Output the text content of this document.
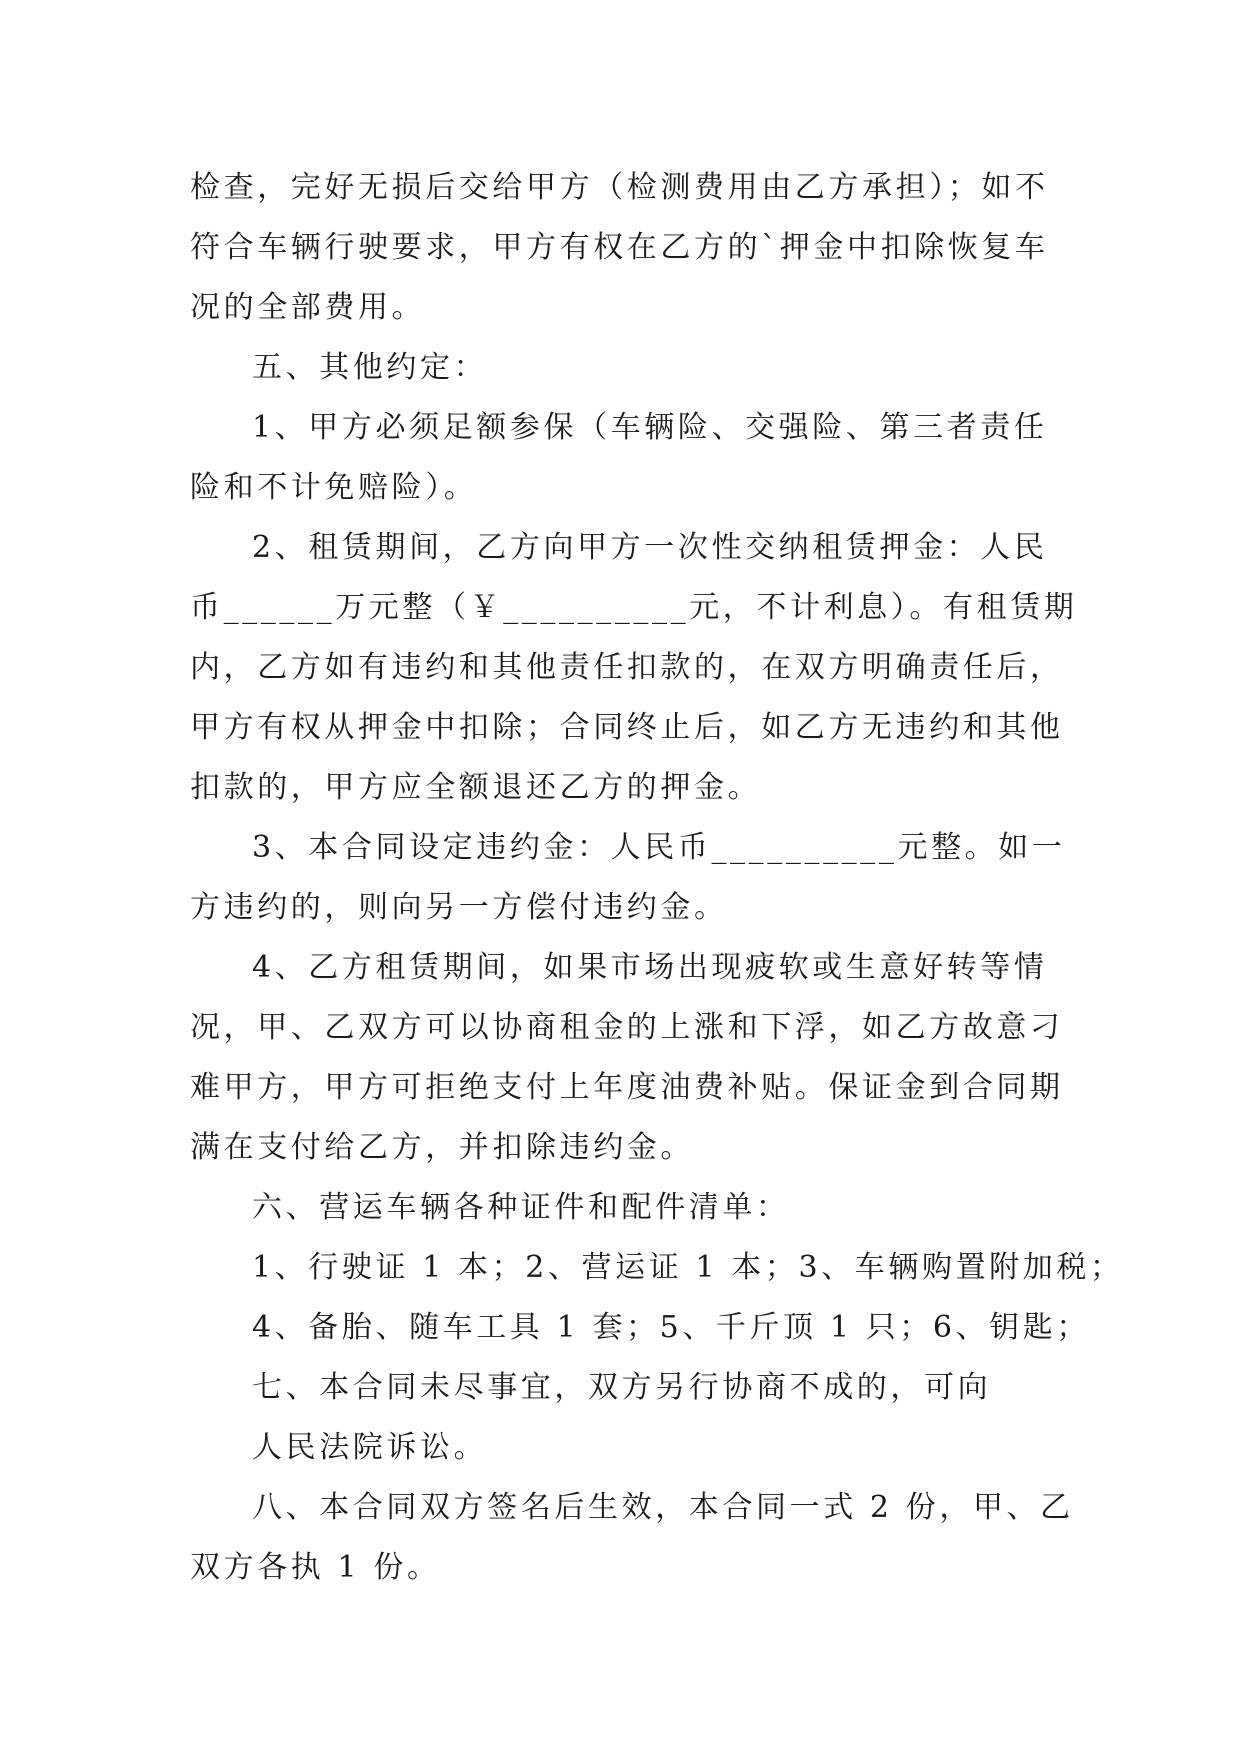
检查，完好无损后交给甲方（检测费用由乙方承担）；如不
符合车辆行驶要求，甲方有权在乙方的`押金中扣除恢复车
况的全部费用。
五、其他约定：
1、甲方必须足额参保（车辆险、交强险、第三者责任
险和不计免赔险）。
2、租赁期间，乙方向甲方一次性交纳租赁押金：人民
币______万元整（￥__________元，不计利息）。有租赁期
内，乙方如有违约和其他责任扣款的，在双方明确责任后，
甲方有权从押金中扣除；合同终止后，如乙方无违约和其他
扣款的，甲方应全额退还乙方的押金。
3、本合同设定违约金：人民币__________元整。如一
方违约的，则向另一方偿付违约金。
4、乙方租赁期间，如果市场出现疲软或生意好转等情
况，甲、乙双方可以协商租金的上涨和下浮，如乙方故意刁
难甲方，甲方可拒绝支付上年度油费补贴。保证金到合同期
满在支付给乙方，并扣除违约金。
六、营运车辆各种证件和配件清单：
1、行驶证 1 本；2、营运证 1 本；3、车辆购置附加税；
4、备胎、随车工具 1 套；5、千斤顶 1 只；6、钥匙；
七、本合同未尽事宜，双方另行协商不成的，可向
人民法院诉讼。
八、本合同双方签名后生效，本合同一式 2 份，甲、乙
双方各执 1 份。
